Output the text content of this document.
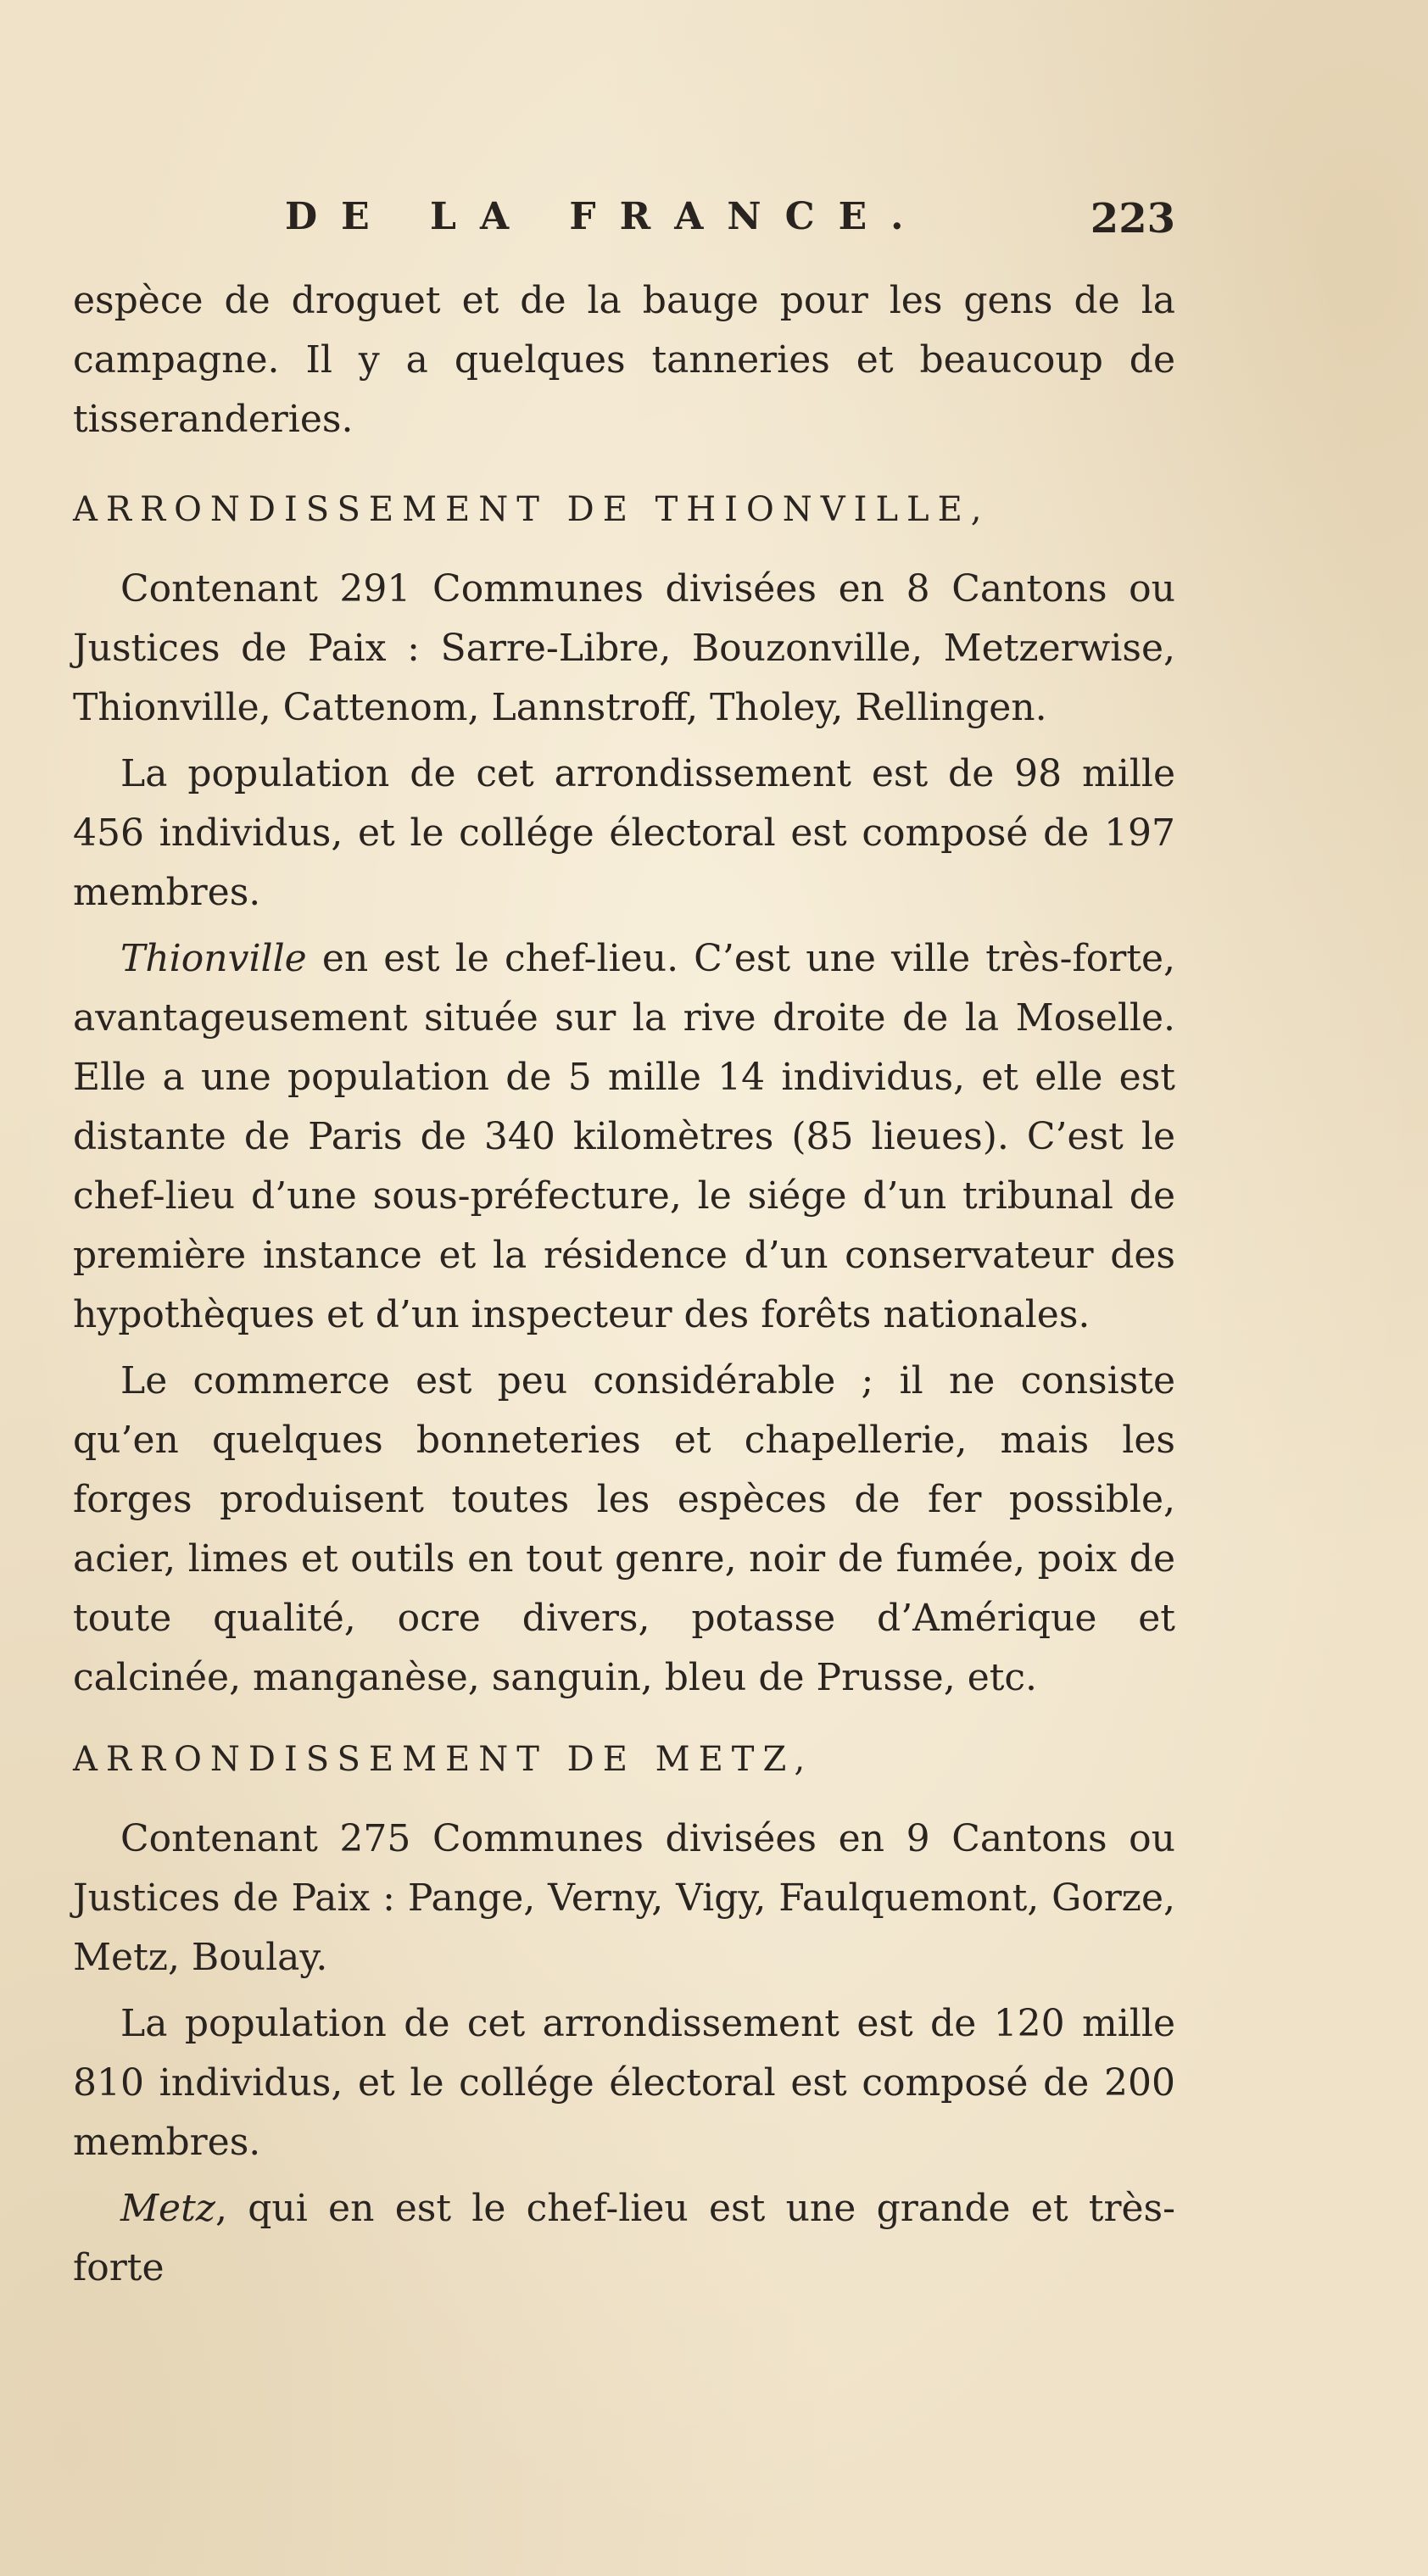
DE LA FRANCE.	223

espèce de droguet et de la bauge pour les gens de la campagne. Il y a quelques tanneries et beaucoup de tisseranderies.

ARRONDISSEMENT DE THIONVILLE,

Contenant 291 Communes divisées en 8 Cantons ou Justices de Paix : Sarre-Libre, Bouzonville, Metzerwise, Thionville, Cattenom, Lannstroff, Tholey, Rellingen.

La population de cet arrondissement est de 98 mille 456 individus, et le collége électoral est composé de 197 membres.

Thionville en est le chef-lieu. C’est une ville très-forte, avantageusement située sur la rive droite de la Moselle. Elle a une population de 5 mille 14 individus, et elle est distante de Paris de 340 kilomètres (85 lieues). C’est le chef-lieu d’une sous-préfecture, le siége d’un tribunal de première instance et la résidence d’un conservateur des hypothèques et d’un inspecteur des forêts nationales.

Le commerce est peu considérable ; il ne consiste qu’en quelques bonneteries et chapellerie, mais les forges produisent toutes les espèces de fer possible, acier, limes et outils en tout genre, noir de fumée, poix de toute qualité, ocre divers, potasse d’Amérique et calcinée, manganèse, sanguin, bleu de Prusse, etc.

ARRONDISSEMENT DE METZ,

Contenant 275 Communes divisées en 9 Cantons ou Justices de Paix : Pange, Verny, Vigy, Faulquemont, Gorze, Metz, Boulay.

La population de cet arrondissement est de 120 mille 810 individus, et le collége électoral est composé de 200 membres.

Metz, qui en est le chef-lieu est une grande et très-forte
